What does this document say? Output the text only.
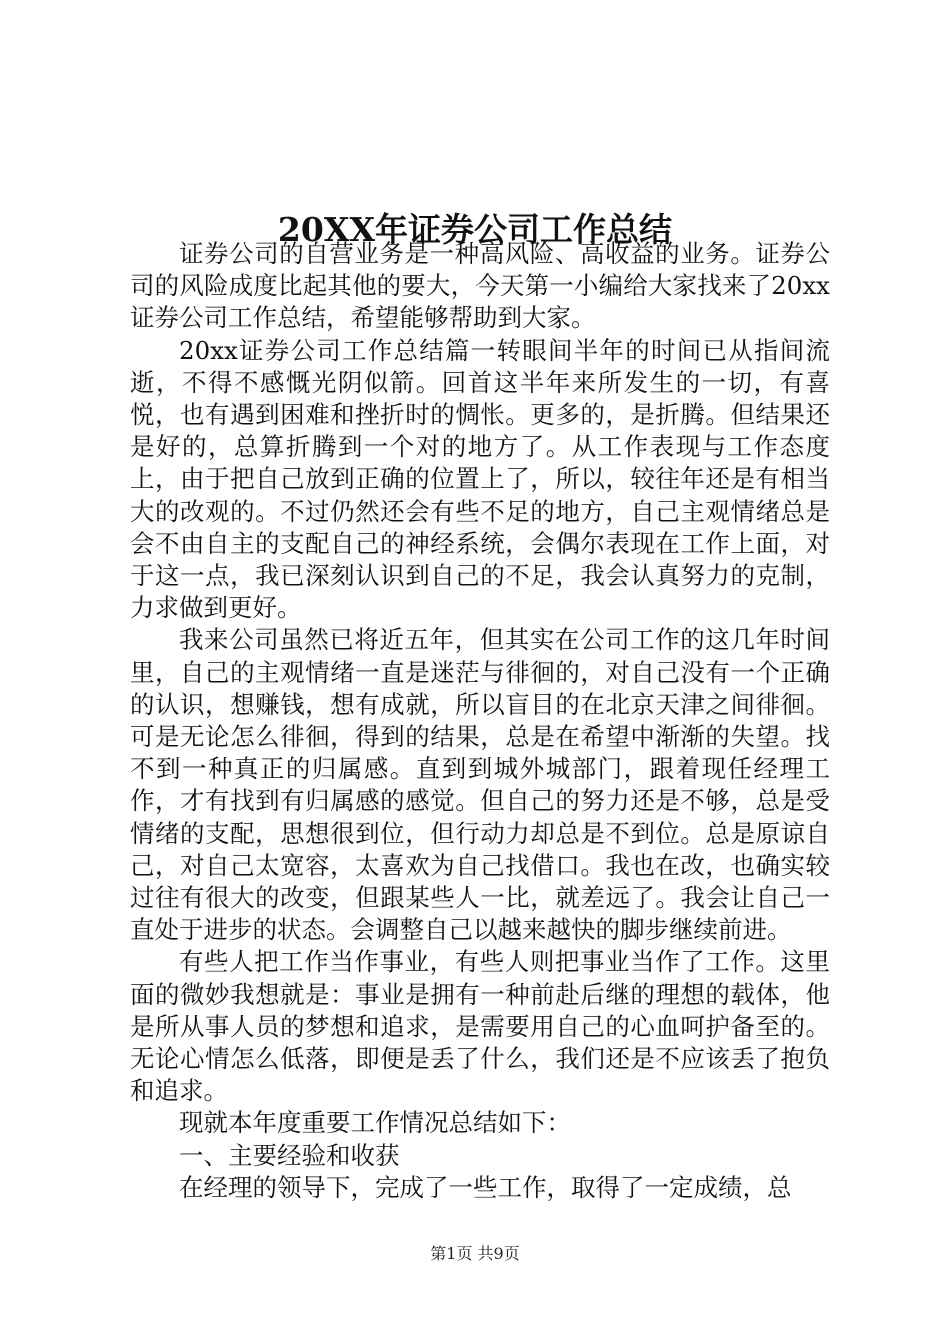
20XX年证券公司工作总结

证券公司的自营业务是一种高风险、高收益的业务。证券公司的风险成度比起其他的要大，今天第一小编给大家找来了20xx证券公司工作总结，希望能够帮助到大家。

20xx证券公司工作总结篇一转眼间半年的时间已从指间流逝，不得不感慨光阴似箭。回首这半年来所发生的一切，有喜悦，也有遇到困难和挫折时的惆怅。更多的，是折腾。但结果还是好的，总算折腾到一个对的地方了。从工作表现与工作态度上，由于把自己放到正确的位置上了，所以，较往年还是有相当大的改观的。不过仍然还会有些不足的地方，自己主观情绪总是会不由自主的支配自己的神经系统，会偶尔表现在工作上面，对于这一点，我已深刻认识到自己的不足，我会认真努力的克制，力求做到更好。

我来公司虽然已将近五年，但其实在公司工作的这几年时间里，自己的主观情绪一直是迷茫与徘徊的，对自己没有一个正确的认识，想赚钱，想有成就，所以盲目的在北京天津之间徘徊。可是无论怎么徘徊，得到的结果，总是在希望中渐渐的失望。找不到一种真正的归属感。直到到城外城部门，跟着现任经理工作，才有找到有归属感的感觉。但自己的努力还是不够，总是受情绪的支配，思想很到位，但行动力却总是不到位。总是原谅自己，对自己太宽容，太喜欢为自己找借口。我也在改，也确实较过往有很大的改变，但跟某些人一比，就差远了。我会让自己一直处于进步的状态。会调整自己以越来越快的脚步继续前进。

有些人把工作当作事业，有些人则把事业当作了工作。这里面的微妙我想就是：事业是拥有一种前赴后继的理想的载体，他是所从事人员的梦想和追求，是需要用自己的心血呵护备至的。无论心情怎么低落，即便是丢了什么，我们还是不应该丢了抱负和追求。

现就本年度重要工作情况总结如下：

一、主要经验和收获

在经理的领导下，完成了一些工作，取得了一定成绩，总

第1页 共9页
